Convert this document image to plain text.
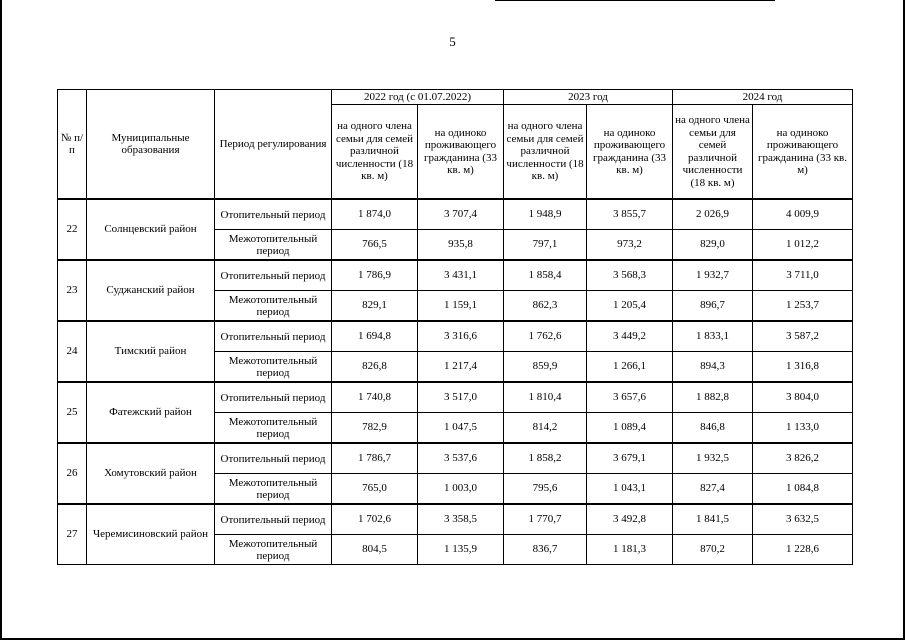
5
№ п/п	Муниципальные образования	Период регулирования	2022 год (с 01.07.2022)		2023 год		2024 год	
			на одного члена семьи для семей различной численности (18 кв. м)	на одиноко проживающего гражданина (33 кв. м)	на одного члена семьи для семей различной численности (18 кв. м)	на одиноко проживающего гражданина (33 кв. м)	на одного члена семьи для семей различной численности (18 кв. м)	на одиноко проживающего гражданина (33 кв. м)
22	Солнцевский район	Отопительный период	1 874,0	3 707,4	1 948,9	3 855,7	2 026,9	4 009,9
		Межотопительный период	766,5	935,8	797,1	973,2	829,0	1 012,2
23	Суджанский район	Отопительный период	1 786,9	3 431,1	1 858,4	3 568,3	1 932,7	3 711,0
		Межотопительный период	829,1	1 159,1	862,3	1 205,4	896,7	1 253,7
24	Тимский район	Отопительный период	1 694,8	3 316,6	1 762,6	3 449,2	1 833,1	3 587,2
		Межотопительный период	826,8	1 217,4	859,9	1 266,1	894,3	1 316,8
25	Фатежский район	Отопительный период	1 740,8	3 517,0	1 810,4	3 657,6	1 882,8	3 804,0
		Межотопительный период	782,9	1 047,5	814,2	1 089,4	846,8	1 133,0
26	Хомутовский район	Отопительный период	1 786,7	3 537,6	1 858,2	3 679,1	1 932,5	3 826,2
		Межотопительный период	765,0	1 003,0	795,6	1 043,1	827,4	1 084,8
27	Черемисиновский район	Отопительный период	1 702,6	3 358,5	1 770,7	3 492,8	1 841,5	3 632,5
		Межотопительный период	804,5	1 135,9	836,7	1 181,3	870,2	1 228,6
